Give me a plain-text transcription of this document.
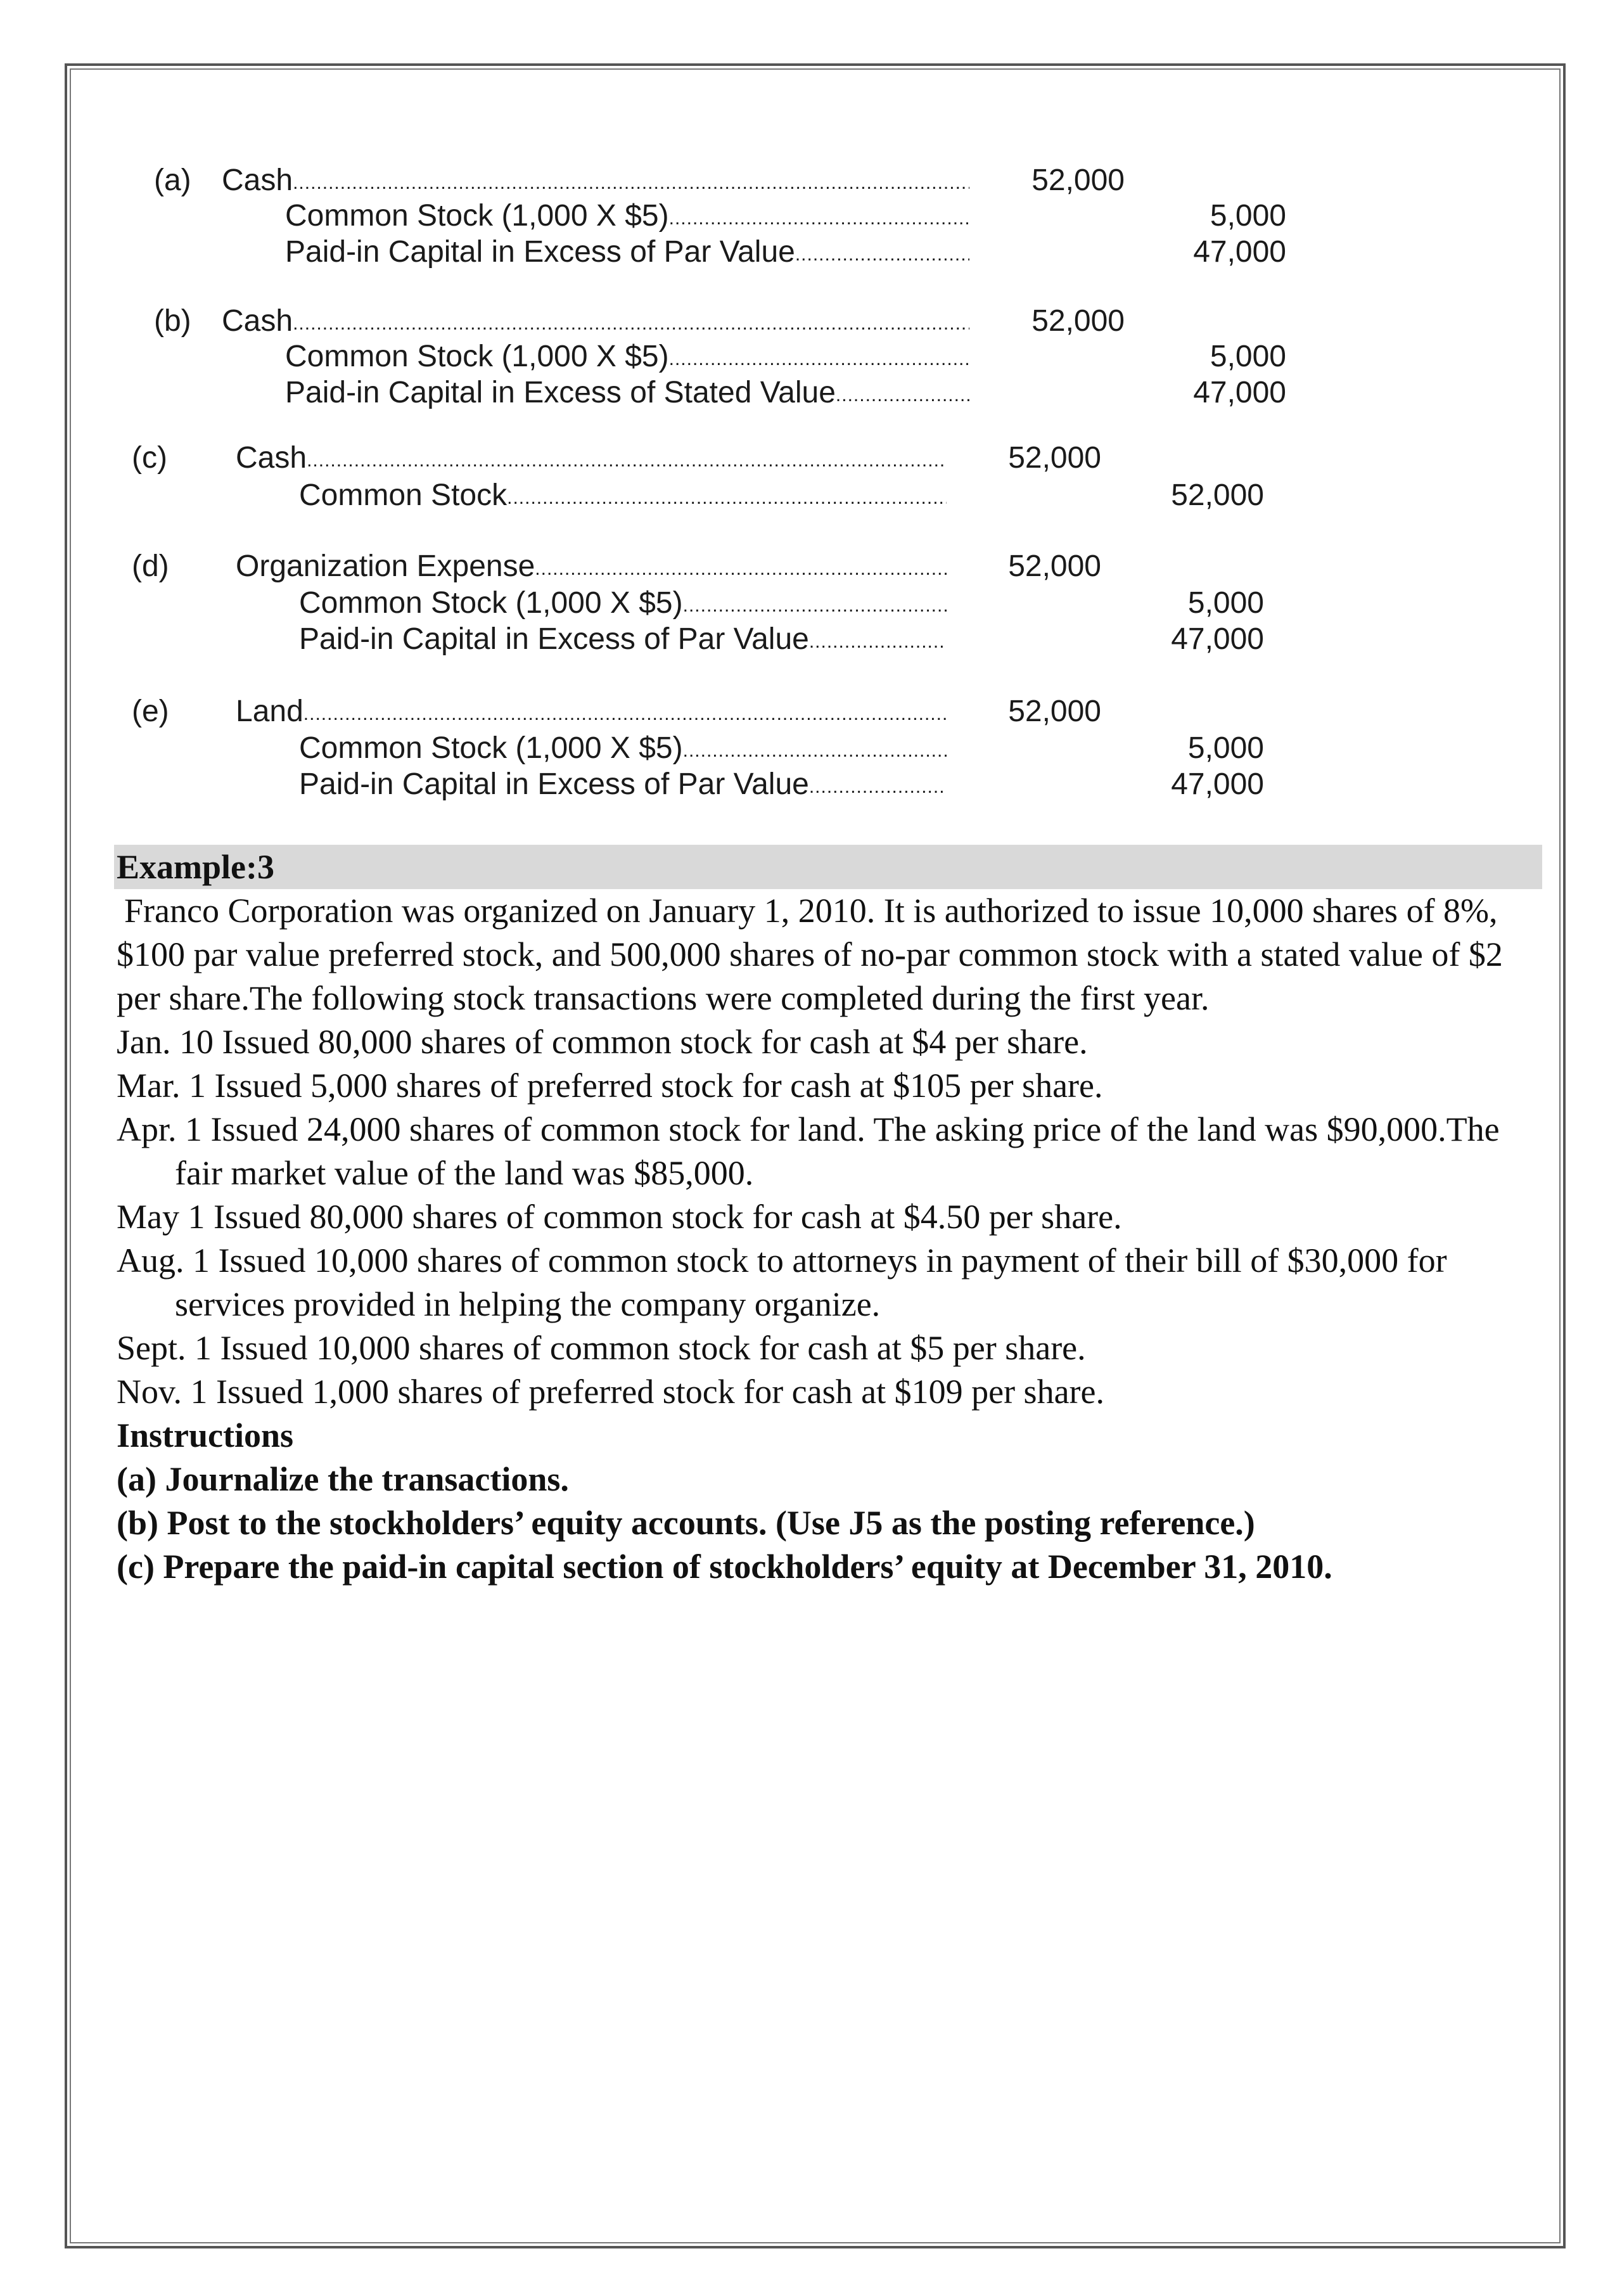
(a) Cash .....	52,000
Common Stock (1,000 X $5) .....	5,000
Paid-in Capital in Excess of Par Value .....	47,000
(b) Cash .....	52,000
Common Stock (1,000 X $5) .....	5,000
Paid-in Capital in Excess of Stated Value .....	47,000
(c) Cash .....	52,000
Common Stock .....	52,000
(d) Organization Expense .....	52,000
Common Stock (1,000 X $5) .....	5,000
Paid-in Capital in Excess of Par Value .....	47,000
(e) Land .....	52,000
Common Stock (1,000 X $5) .....	5,000
Paid-in Capital in Excess of Par Value .....	47,000
Example:3

Franco Corporation was organized on January 1, 2010. It is authorized to issue 10,000 shares of 8%, $100 par value preferred stock, and 500,000 shares of no-par common stock with a stated value of $2 per share.The following stock transactions were completed during the first year.

Jan. 10 Issued 80,000 shares of common stock for cash at $4 per share.

Mar. 1 Issued 5,000 shares of preferred stock for cash at $105 per share.

Apr. 1 Issued 24,000 shares of common stock for land. The asking price of the land was $90,000.The fair market value of the land was $85,000.

May 1 Issued 80,000 shares of common stock for cash at $4.50 per share.

Aug. 1 Issued 10,000 shares of common stock to attorneys in payment of their bill of $30,000 for services provided in helping the company organize.

Sept. 1 Issued 10,000 shares of common stock for cash at $5 per share.

Nov. 1 Issued 1,000 shares of preferred stock for cash at $109 per share.

Instructions

(a) Journalize the transactions.

(b) Post to the stockholders’ equity accounts. (Use J5 as the posting reference.)

(c) Prepare the paid-in capital section of stockholders’ equity at December 31, 2010.
